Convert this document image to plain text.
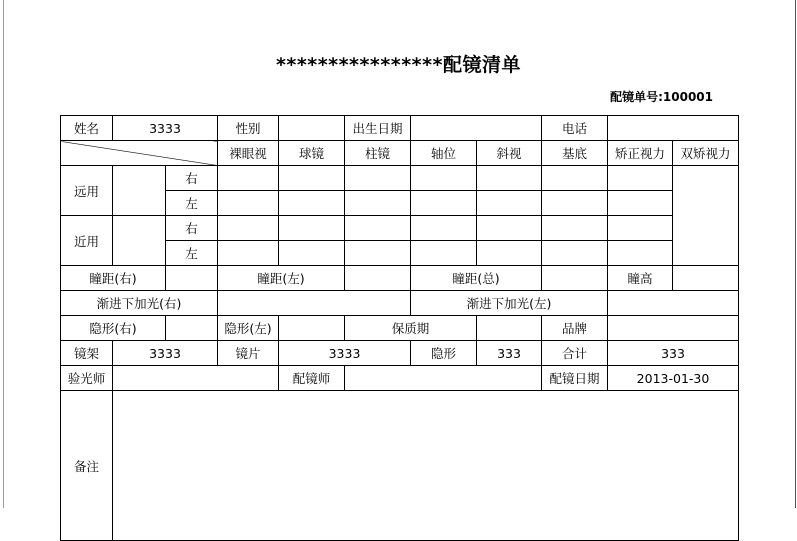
****************配镜清单
配镜单号:100001
姓名	3333		性别		出生日期			电话		
			裸眼视	球镜	柱镜	轴位	斜视	基底	矫正视力	双矫视力
远用		右								
		左								
近用		右								
		左								
瞳距(右)			瞳距(左)			瞳距(总)			瞳高	
渐进下加光(右)						渐进下加光(左)				
隐形(右)			隐形(左)		保质期			品牌		
镜架	3333		镜片	3333		隐形	333	合计	333	
验光师				配镜师				配镜日期	2013-01-30	
备注										
